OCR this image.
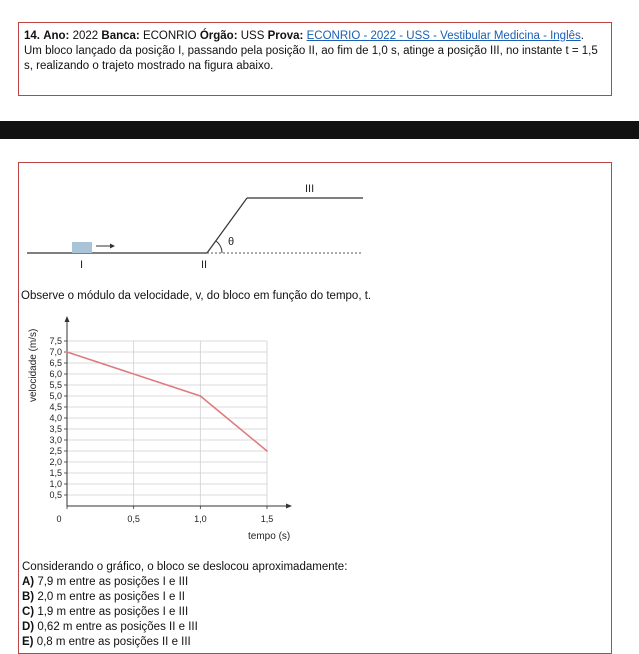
14. Ano: 2022 Banca: ECONRIO Órgão: USS Prova: ECONRIO - 2022 - USS - Vestibular Medicina - Inglês. Um bloco lançado da posição I, passando pela posição II, ao fim de 1,0 s, atinge a posição III, no instante t = 1,5 s, realizando o trajeto mostrado na figura abaixo.
θ
I	II
III
Observe o módulo da velocidade, v, do bloco em função do tempo, t.
0,5
1,0
1,5
2,0
2,5
3,0
3,5
4,0
4,5
5,0
5,5
6,0
6,5
7,0
7,5
0	0,5	1,0	1,5
velocidade (m/s)
tempo (s)
Considerando o gráfico, o bloco se deslocou aproximadamente:
A) 7,9 m entre as posições I e III
B) 2,0 m entre as posições I e II
C) 1,9 m entre as posições I e III
D) 0,62 m entre as posições II e III
E) 0,8 m entre as posições II e III
